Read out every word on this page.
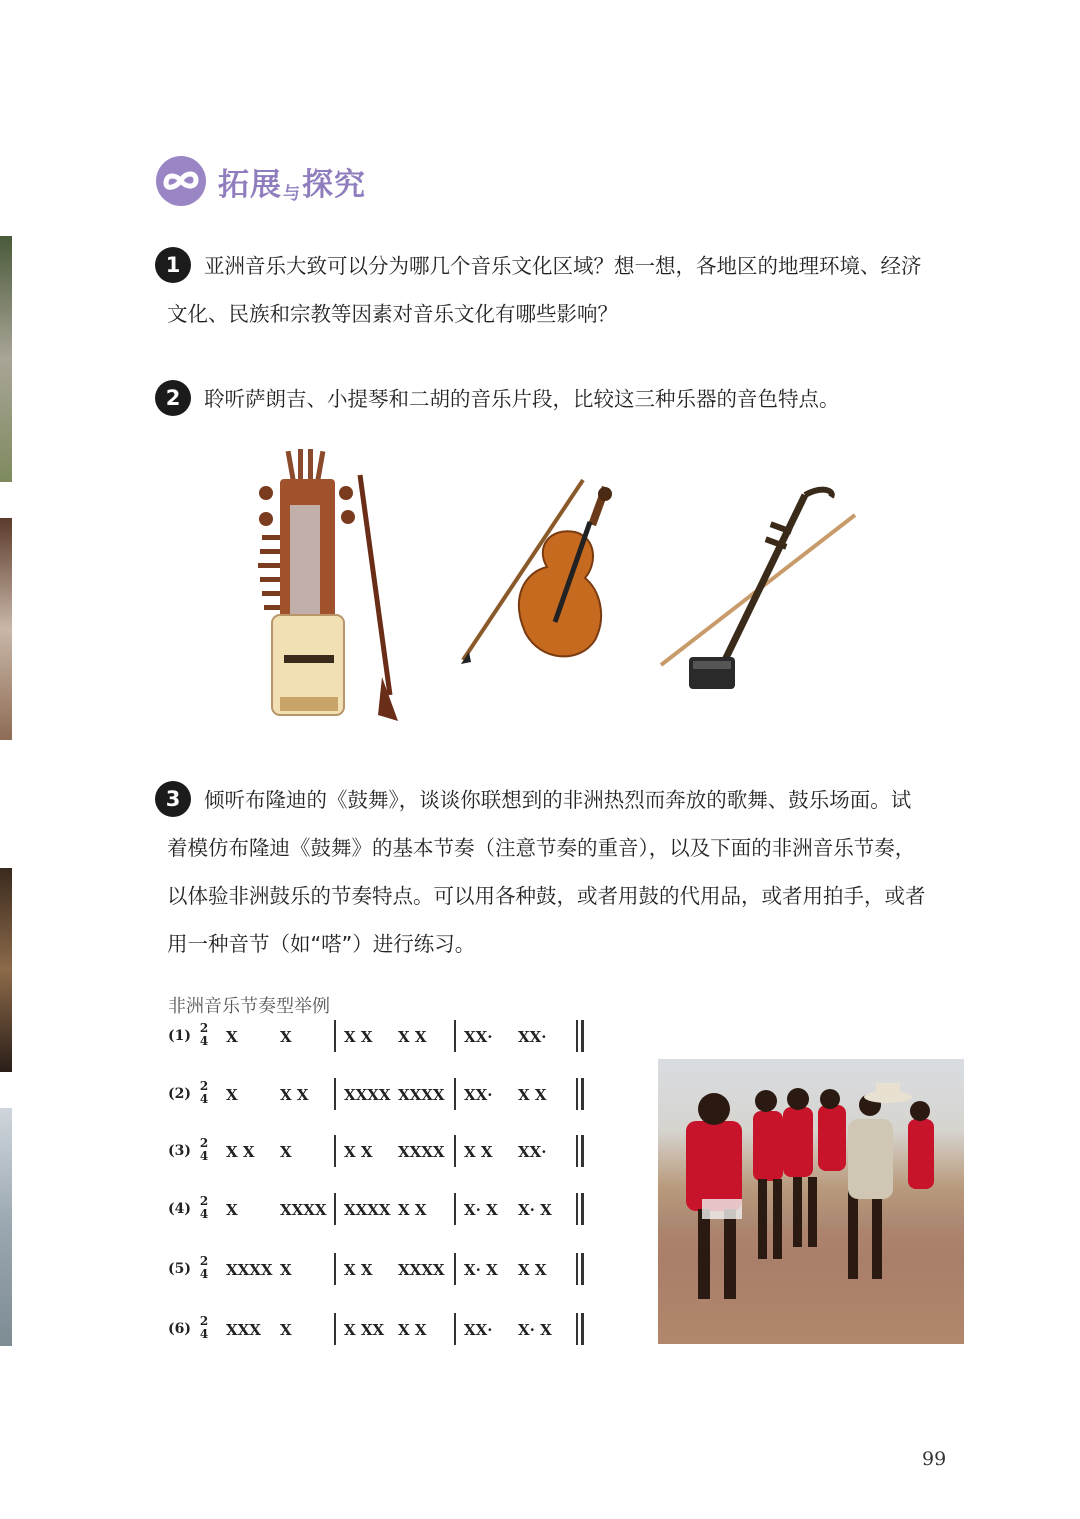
拓展与探究
1	亚洲音乐大致可以分为哪几个音乐文化区域？想一想，各地区的地理环境、经济
文化、民族和宗教等因素对音乐文化有哪些影响？
2	聆听萨朗吉、小提琴和二胡的音乐片段，比较这三种乐器的音色特点。
3	倾听布隆迪的《鼓舞》，谈谈你联想到的非洲热烈而奔放的歌舞、鼓乐场面。试
着模仿布隆迪《鼓舞》的基本节奏（注意节奏的重音），以及下面的非洲音乐节奏，
以体验非洲鼓乐的节奏特点。可以用各种鼓，或者用鼓的代用品，或者用拍手，或者
用一种音节（如“嗒”）进行练习。
非洲音乐节奏型举例
(1) 2
4 X	X	X X X X	XX· XX·
(2) 2
4 X	X X XXXX XXXX XX· X X
(3) 2
4 X X X	X X XXXX X X XX·
(4) 2
4 X	XXXX XXXX X X	X· X X· X
(5) 2
4 XXXX X	X X XXXX X· X X X
(6) 2
4 XXX X	X XX X X	XX· X· X
99
